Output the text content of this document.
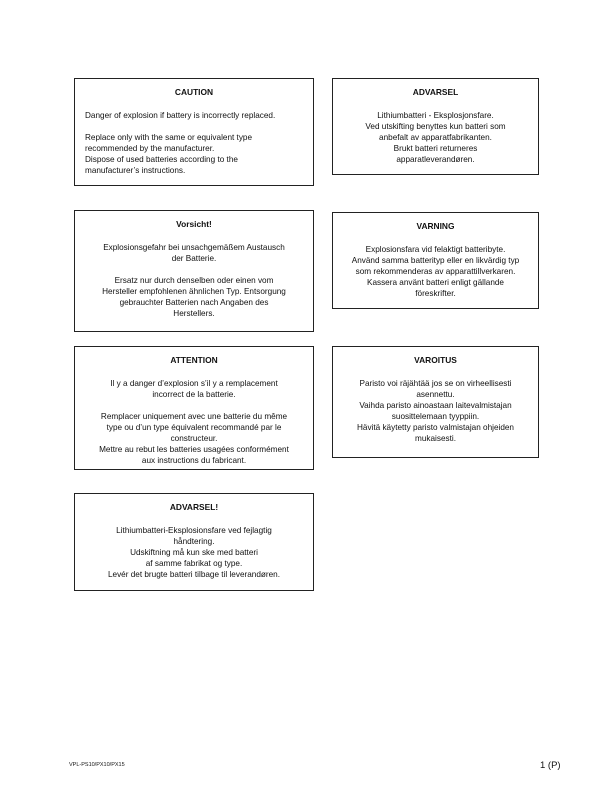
CAUTION

Danger of explosion if battery is incorrectly replaced.

Replace only with the same or equivalent type

recommended by the manufacturer.

Dispose of used batteries according to the

manufacturer’s instructions.

ADVARSEL

Lithiumbatteri - Eksplosjonsfare.

Ved utskifting benyttes kun batteri som

anbefalt av apparatfabrikanten.

Brukt batteri returneres

apparatleverandøren.

Vorsicht!

Explosionsgefahr bei unsachgemäßem Austausch

der Batterie.

Ersatz nur durch denselben oder einen vom

Hersteller empfohlenen ähnlichen Typ. Entsorgung

gebrauchter Batterien nach Angaben des

Herstellers.

VARNING

Explosionsfara vid felaktigt batteribyte.

Använd samma batterityp eller en likvärdig typ

som rekommenderas av apparattillverkaren.

Kassera använt batteri enligt gällande

föreskrifter.

ATTENTION

Il y a danger d’explosion s’il y a remplacement

incorrect de la batterie.

Remplacer uniquement avec une batterie du même

type ou d’un type équivalent recommandé par le

constructeur.

Mettre au rebut les batteries usagées conformément

aux instructions du fabricant.

VAROITUS

Paristo voi räjähtää jos se on virheellisesti

asennettu.

Vaihda paristo ainoastaan laitevalmistajan

suosittelemaan tyyppiin.

Hävitä käytetty paristo valmistajan ohjeiden

mukaisesti.

ADVARSEL!

Lithiumbatteri-Eksplosionsfare ved fejlagtig

håndtering.

Udskiftning må kun ske med batteri

af samme fabrikat og type.

Levér det brugte batteri tilbage til leverandøren.

VPL-PS10/PX10/PX15	1 (P)
